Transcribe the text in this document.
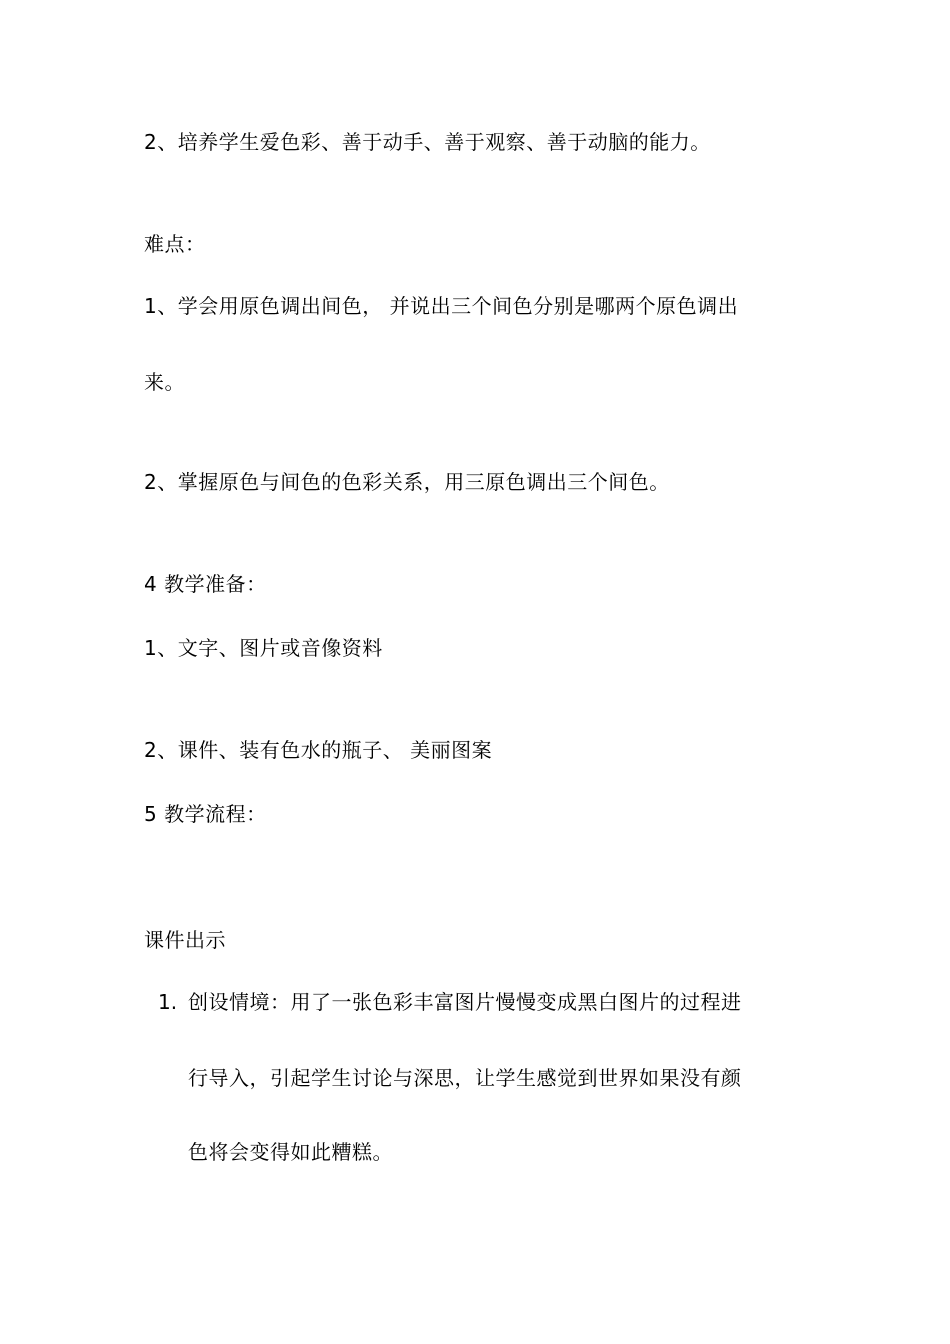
2、培养学生爱色彩、善于动手、善于观察、善于动脑的能力。
难点：
1、学会用原色调出间色， 并说出三个间色分别是哪两个原色调出
来。
2、掌握原色与间色的色彩关系，用三原色调出三个间色。
4 教学准备：
1、文字、图片或音像资料
2、课件、装有色水的瓶子、 美丽图案
5 教学流程：
课件出示
1. 创设情境：用了一张色彩丰富图片慢慢变成黑白图片的过程进
行导入，引起学生讨论与深思，让学生感觉到世界如果没有颜
色将会变得如此糟糕。
